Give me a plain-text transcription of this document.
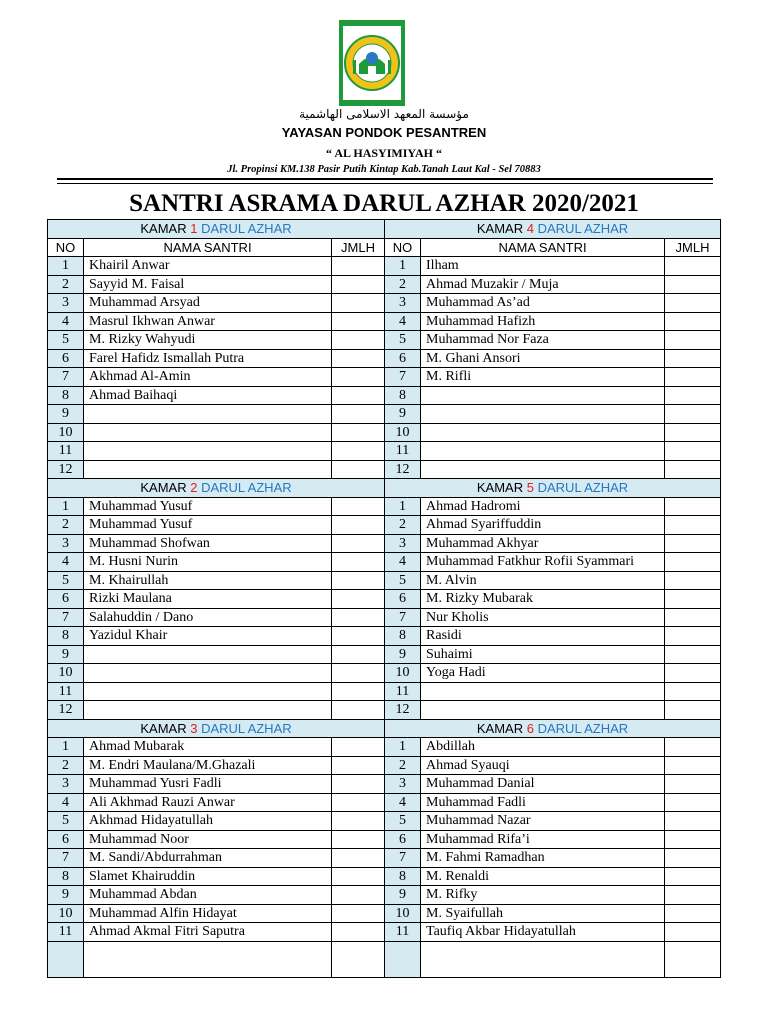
مؤسسة المعهد الاسلامى الهاشمية
YAYASAN PONDOK PESANTREN
“ AL HASYIMIYAH “
Jl. Propinsi KM.138 Pasir Putih Kintap Kab.Tanah Laut Kal - Sel 70883
SANTRI ASRAMA DARUL AZHAR 2020/2021
KAMAR 1 DARUL AZHAR			KAMAR 4 DARUL AZHAR		
NO	NAMA SANTRI	JMLH	NO	NAMA SANTRI	JMLH
1	Khairil Anwar		1	Ilham	
2	Sayyid M. Faisal		2	Ahmad Muzakir / Muja	
3	Muhammad Arsyad		3	Muhammad As’ad	
4	Masrul Ikhwan Anwar		4	Muhammad Hafizh	
5	M. Rizky Wahyudi		5	Muhammad Nor Faza	
6	Farel Hafidz Ismallah Putra		6	M. Ghani Ansori	
7	Akhmad Al-Amin		7	M. Rifli	
8	Ahmad Baihaqi		8		
9			9		
10			10		
11			11		
12			12		
KAMAR 2 DARUL AZHAR			KAMAR 5 DARUL AZHAR		
1	Muhammad Yusuf		1	Ahmad Hadromi	
2	Muhammad Yusuf		2	Ahmad Syariffuddin	
3	Muhammad Shofwan		3	Muhammad Akhyar	
4	M. Husni Nurin		4	Muhammad Fatkhur Rofii Syammari	
5	M. Khairullah		5	M. Alvin	
6	Rizki Maulana		6	M. Rizky Mubarak	
7	Salahuddin / Dano		7	Nur Kholis	
8	Yazidul Khair		8	Rasidi	
9			9	Suhaimi	
10			10	Yoga Hadi	
11			11		
12			12		
KAMAR 3 DARUL AZHAR			KAMAR 6 DARUL AZHAR		
1	Ahmad Mubarak		1	Abdillah	
2	M. Endri Maulana/M.Ghazali		2	Ahmad Syauqi	
3	Muhammad Yusri Fadli		3	Muhammad Danial	
4	Ali Akhmad Rauzi Anwar		4	Muhammad Fadli	
5	Akhmad Hidayatullah		5	Muhammad Nazar	
6	Muhammad Noor		6	Muhammad Rifa’i	
7	M. Sandi/Abdurrahman		7	M. Fahmi Ramadhan	
8	Slamet Khairuddin		8	M. Renaldi	
9	Muhammad Abdan		9	M. Rifky	
10	Muhammad Alfin Hidayat		10	M. Syaifullah	
11	Ahmad Akmal Fitri Saputra		11	Taufiq Akbar Hidayatullah	
